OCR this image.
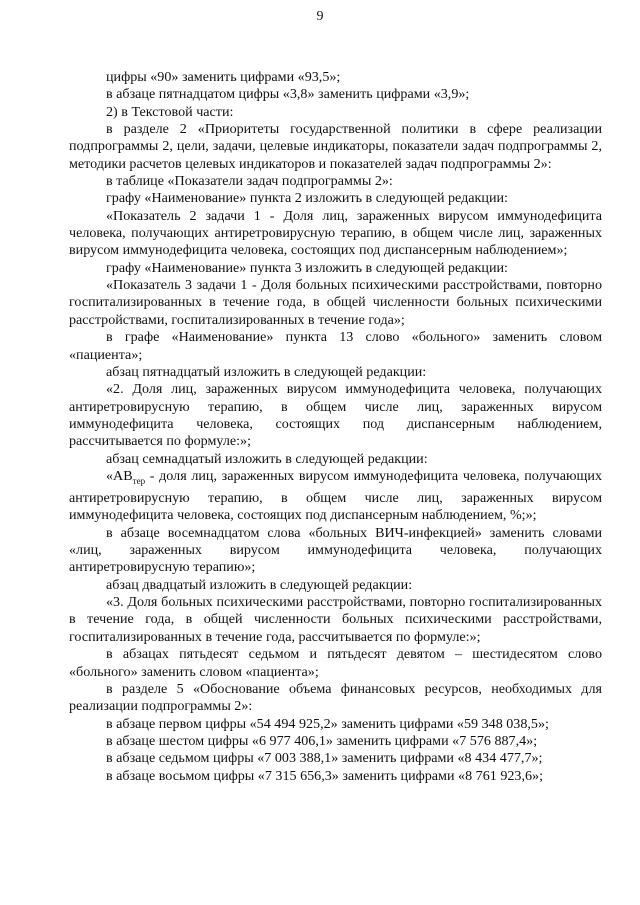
9

цифры «90» заменить цифрами «93,5»;

в абзаце пятнадцатом цифры «3,8» заменить цифрами «3,9»;

2) в Текстовой части:

в разделе 2 «Приоритеты государственной политики в сфере реализации подпрограммы 2, цели, задачи, целевые индикаторы, показатели задач подпрограммы 2, методики расчетов целевых индикаторов и показателей задач подпрограммы 2»:

в таблице «Показатели задач подпрограммы 2»:

графу «Наименование» пункта 2 изложить в следующей редакции:

«Показатель 2 задачи 1 - Доля лиц, зараженных вирусом иммунодефицита человека, получающих антиретровирусную терапию, в общем числе лиц, зараженных вирусом иммунодефицита человека, состоящих под диспансерным наблюдением»;

графу «Наименование» пункта 3 изложить в следующей редакции:

«Показатель 3 задачи 1 - Доля больных психическими расстройствами, повторно госпитализированных в течение года, в общей численности больных психическими расстройствами, госпитализированных в течение года»;

в графе «Наименование» пункта 13 слово «больного» заменить словом «пациента»;

абзац пятнадцатый изложить в следующей редакции:

«2. Доля лиц, зараженных вирусом иммунодефицита человека, получающих антиретровирусную терапию, в общем числе лиц, зараженных вирусом иммунодефицита человека, состоящих под диспансерным наблюдением, рассчитывается по формуле:»;

абзац семнадцатый изложить в следующей редакции:

«$АВ_{тер}$ - доля лиц, зараженных вирусом иммунодефицита человека, получающих антиретровирусную терапию, в общем числе лиц, зараженных вирусом иммунодефицита человека, состоящих под диспансерным наблюдением, %;»;

в абзаце восемнадцатом слова «больных ВИЧ-инфекцией» заменить словами «лиц, зараженных вирусом иммунодефицита человека, получающих антиретровирусную терапию»;

абзац двадцатый изложить в следующей редакции:

«3. Доля больных психическими расстройствами, повторно госпитализированных в течение года, в общей численности больных психическими расстройствами, госпитализированных в течение года, рассчитывается по формуле:»;

в абзацах пятьдесят седьмом и пятьдесят девятом – шестидесятом слово «больного» заменить словом «пациента»;

в разделе 5 «Обоснование объема финансовых ресурсов, необходимых для реализации подпрограммы 2»:

в абзаце первом цифры «54 494 925,2» заменить цифрами «59 348 038,5»;

в абзаце шестом цифры «6 977 406,1» заменить цифрами «7 576 887,4»;

в абзаце седьмом цифры «7 003 388,1» заменить цифрами «8 434 477,7»;

в абзаце восьмом цифры «7 315 656,3» заменить цифрами «8 761 923,6»;
